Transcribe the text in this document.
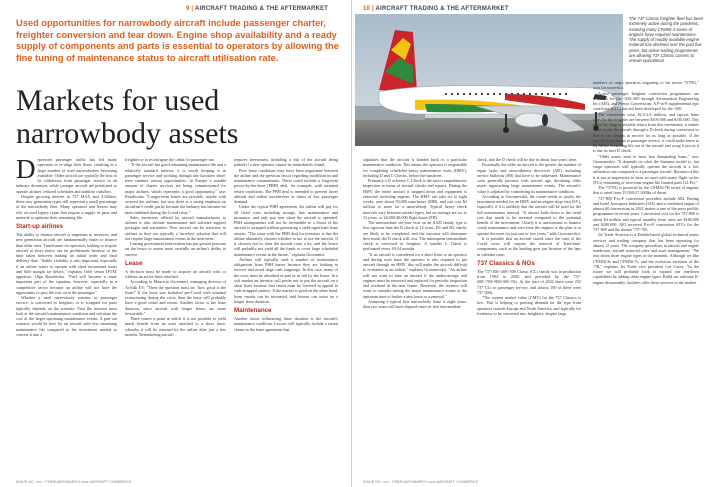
9 | AIRCRAFT TRADING & THE AFTERMARKET
Used opportunities for narrowbody aircraft include passenger charter, freighter conversion and tear down. Engine shop availability and a ready supply of components and parts is essential to operators by allowing the fine tuning of maintenance status to aircraft utilisation rate.
Markets for used narrowbody assets

Depressed passenger traffic has led many operators to re-align their fleets, resulting in a large number of used narrowbodies becoming available. Older aircraft are typically the first to be withdrawn from passenger service in an industry downturn, while younger aircraft are prioritised to operate airlines' reduced schedules and stabilise cashflow.

Despite growing interest in 737 MAX and A320neo, these new generation types still represent a small percentage of the narrowbody fleet. Many operators and lessors may rely on used legacy types that require a supply of parts and material to optimise their remaining life.

Start-up airlines

The ability to finance aircraft is important to investors, and new generation aircraft are fundamentally easier to finance than older ones. Timeframes for operators looking to acquire aircraft at short notice can be problematic because of the time taken between making an initial order and final delivery date. "Stable visibility is also important, especially if an airline wants to operate with short turnaround times and little margin for delays," explains Oriel senior IFTAT appraiser, Olga Razzhivina. "Fuel will become a more important part of the equation, however, especially in a competitive sector because an airline will not have the opportunity to pass the cost on to the passenger."

Whether a used narrowbody remains in passenger service, is converted to freighter, or is scrapped for parts typically depends on the scenario. First the investor must look at the aircraft's maintenance condition and calculate the cost of the larger upcoming maintenance events. A part-out scenario would be best for an aircraft with few remaining maintenance life compared to the investment needed to convert it into a

freighter or to reconfigure the cabin for passenger use.

"If the aircraft has good remaining maintenance life and a relatively standard interior, it is worth keeping it in passenger service and working through any lucrative short-term summer season opportunities. In Europe a notable amount of charter services are being commissioned for major airlines, which represents a good opportunity," says Razzhivina. "Longer-term leases are possible, maybe with secured tier airlines, but now there is a strong emphasis on an airline's credit, partly because the industry has become far more indebted during the Covid crisis."

Sales incentives offered by aircraft manufacturers to airlines is also include maintenance and software support packages and warranties. New aircraft can be attractive to airlines as they are typically a 'turn-key' solution that will not require large maintenance events in the near term.

Leasing government intervention has put greater pressure on the lessor to assess more carefully an airline's ability to survive.

Lease

A decision must be made to acquire an aircraft with or without an active lease attached.

According to Mauricio Giovanetti, managing director of AvTalk EV: "Then the question must be, 'how good is the lease?' If the lease was brokered pre-Covid with nominal restructuring during the crisis, then the lease will probably have a good rental and return. Another factor is the lease duration, since aircraft with longer leases are more favourable."

There comes a point at which it is not possible to yield much benefit from an asset attached to a short lease, whereby it will be returned by the airline after just a few months. Remarketing aircraft

requires investment, including a risk of the aircraft being parked if a new operator cannot be immediately found.

Poor lease conditions may have been negotiated between the airline and the previous lessor regarding modification and maintenance commitments. These could include a long-term power-by-the-hour (PBH) deal, for example, with minimal return conditions. The PBH deal is intended to prevent lower altitude and airline incoherence at times of low passenger demand.

Under the typical PBH agreement, the airline will pay for all fixed costs including storage, line maintenance and insurance, and only pay rent when the aircraft is operated. PBH arrangements will not be favourable to a lessor of the aircraft is scrapped without generating a yield significant lease returns. "The issue with the PBH deal for investors is that the airline ultimately chooses whether or not to use the aircraft. If it chooses not to, then the aircraft costs a lot, and the lessor will probably not yield all the funds to cover large scheduled maintenance events in the future," explains Giovanetti.

Airlines will typically seek a number of maintenance obligations from PBH leases because they are looking to recover and avoid large cash outgoings. In this case, many of the costs must be absorbed in part or in full by the lessor. In a soft market an investor will prefer not to put the aircraft on a short lease because that rental must be lowered in appeal to cash-strapped carriers. If the market is good on the other hand, lease rentals can be increased, and lessees can insist on a longer lease duration.

Maintenance

Another factor influencing lease duration is the aircraft's maintenance condition. Lessors will typically include a return clause in the lease agreement that

ISSUE NO. xxx · FEBRUARY/MARCH xxxx AIRCRAFT COMMERCE
10 | AIRCRAFT TRADING & THE AFTERMARKET
The 737 Classic freighter fleet has been extremely active during the pandemic, meaning many CFM56-3 series of engines have required maintenance. The supply of readily available engine material has declined over the past five years, but active trading programmes are allowing 737 Classic carriers to remain operational.

stipulates that the aircraft is handed back in a particular maintenance condition. This means the operator is responsible for completing scheduled heavy maintenance visits (HMV), including D and C Checks, before the handover.

Primarily a D or heavy C Check is the most comprehensive inspection in terms of aircraft checks and repairs. During the HMV, the entire aircraft is stripped down and equipment is removed, including engines. The HMV can take six to eight weeks, uses about 50,000 man-hours (MH), and can cost $2 million or more for a narrowbody. Typical heavy check intervals vary between aircraft types, but on average are six to 12 years, or 24,000-40,000 flight hours (FH).

The intermediate six-year visit on an A320 family type is less rigorous than the D check at 12 years. D1 and D2 checks are likely to be completed, and the outcome will determine how much the D check will cost. The subsequent intermediate check is conveyed to freighter. A smaller C Check is performed every 20-24 months.

"If an aircraft is considered for a short lease to an operator and during such lease the operator is also required to put aircraft through an HMV, this will make the aircraft difficult to re-market to an airline," explains Grossnevskii. "An airline will not want to take an aircraft if the undercarriage and engines must be removed and replaced for periodic inspection and overhaul in the near future. Therefore, the investor will want to consider timing the major maintenance events at the optimum time to broker a new lease or a renewal."

Assuming a typical first narrowbody lease is eight years, then two years will have elapsed since its first intermediate

check, and the D check will be due in about four years' time.

Essentially the older an aircraft is the greater the number of repair tasks and airworthiness directives (AD), including service bulletins (SB) that have to be addressed. Maintenance costs generally increase with aircraft age, devaluing older assets approaching large maintenance events. The aircraft's value is adjusted by considering its maintenance condition.

According to Grossnevskii, the owner needs to justify the investment needed for an HMV and an engine shop visit (SV), especially if it is unlikely that the aircraft will be used for the full maintenance interval. "It always boils down to the trend cost that needs to be invested compared to the potential benefit of the investment. Clearly it is uneconomic to finance costly maintenance and zero-time the engines if the plan is to operate the asset for just one or two years," adds Grossnevskii.

It is possible that an aircraft stored since the start of the Covid crisis will require the renewal of 'hard-time' components, such as the landing gear just because of the laps in calendar time.

737 Classics & NGs

The 737-300/-400/-500 Classic (CL) family was in production from 1984 to 2000, and preceded by the 737-600/-700/-800/-900 NG. At the start of 2022 there were 252 737 CLs in passenger service, and almost 100 of these were 737-300s.

"The current market value (CMV) for the 737 Classics is low. This is helping to prolong demand for the type from operators outside Europe and North America, and typically for freshness to be converted into freighters, despite large

numbers of cargo operators migrating to the newer 737NG," says Grossnevskii.

Active passenger freighter conversion programmes are available for the -300/-400 through Aeronautical Engineering Inc (AEI), and Pemco Conversions. A P-to-F supplemental type certificate (STC) has not been developed for the -500.

The conversion costs $2.5-2.8 million, and typical lease rates for the freighter are between $100,000 and $130,000. This yield the longest possible return from this investment, it makes sense to put the aircraft through a D check during conversion so that it can remain in service for as long as possible. If the aircraft is to remain in passenger service, it could make sense to fly all the remaining life out of the aircraft and scrap it just as it is due its next D check.

"Older assets tend to have less demanding loans," says Grossnevskii. "It depends on what the business model is, but cargo operators will typically operate the aircraft at a low utilisation rate compared to a passenger aircraft. Because of this it is not as imperative to have an asset with many flight cycles (FCs) remaining or zero-time engine life limited parts (LLPs)."

The 737NG is powered by the CFM56-7B series of engines that is rated from 19,500-27,300lbs of thrust.

737-800 P-to-F conversion providers include AEI, Boeing and Israel Aerospace Industries (IAI), and a combined output of almost 60 conversions in 2021 makes it one of the most prolific programmes in recent years. Conversion cost for the 737-800 is about $4 million and typical monthly lease rates are $180,000 and $200,000. AEI received P-to-F conversion STCs for the 737-800 and the shorter 737-700.

Jet Trade Aviation is a Dublin-based global technical assets services and trading company that has been operating for almost 12 years. The company specialises in aircraft and engine teardowns, aircraft material sales and asset management. "We tear down three engine types at the moment. Although we like CFM56-3s and CFM56-7s, and the evolution variation of the -7B," explains Jet Trade vice president Lee Carey. "In the future we will probably look to expand our teardown capabilities by adding other engine types. Build our airframe IC engine disassembly facilities offer these services to the market

ISSUE NO. xxx · FEBRUARY/MARCH xxxx AIRCRAFT COMMERCE
